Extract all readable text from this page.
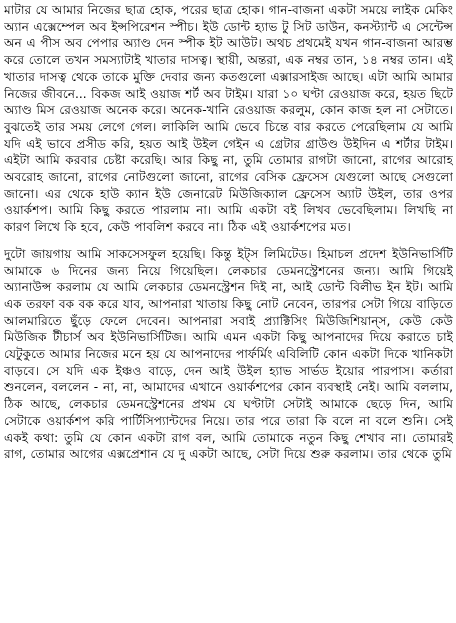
মাটার যে আমার নিজের ছাত্র হোক, পরের ছাত্র হোক। গান-বাজনা একটা সময়ে লাইক মেকিং অ্যান এক্সেম্পেল অব ইন্সপিরেশন স্পীচ। ইউ ডোন্ট হ্যাভ টু সিট ডাউন, কনস্ট্যান্ট এ সেন্টেন্স অন এ পীস অব পেপার অ্যাণ্ড দেন স্পীক ইট আউট। অথচ প্রথমেই যখন গান-বাজনা আরম্ভ করে তোলে তখন সমস্যাটাই খাতার দাসত্ব। স্থায়ী, অন্তরা, এক নম্বর তান, ১৪ নম্বর তান। এই খাতার দাসত্ব থেকে তাকে মুক্তি দেবার জন্য কতগুলো এক্সারসাইজ আছে। এটা আমি আমার নিজের জীবনে... বিকজ আই ওয়াজ শর্ট অব টাইম। যারা ১০ ঘণ্টা রেওয়াজ করে, হয়ত ছিটে অ্যাণ্ড মিস রেওয়াজ অনেক করে। অনেক-খানি রেওয়াজ করলুম, কোন কাজ হল না সেটাতে। বুঝতেই তার সময় লেগে গেল। লাকিলি আমি ভেবে চিন্তে বার করতে পেরেছিলাম যে আমি যদি এই ভাবে প্রসীড করি, হয়ত আই উইল গেইন এ গ্রেটার গ্রাউণ্ড উইদিন এ শর্টার টাইম। এইটা আমি করবার চেষ্টা করেছি। আর কিছু না, তুমি তোমার রাগটা জানো, রাগের আরোহ অবরোহ জানো, রাগের নোটগুলো জানো, রাগের বেসিক ফ্রেসেস যেগুলো আছে সেগুলো জানো। এর থেকে হাউ ক্যান ইউ জেনারেট মিউজিক্যাল ফ্রেসেস অ্যাট উইল, তার ওপর ওয়ার্কশপ। আমি কিছু করতে পারলাম না। আমি একটা বই লিখব ভেবেছিলাম। লিখছি না কারণ লিখে কি হবে, কেউ পাবলিশ করবে না। ঠিক এই ওয়ার্কশপের মত।

দুটো জায়গায় আমি সাকসেসফুল হয়েছি। কিন্তু ইট্স লিমিটেড। হিমাচল প্রদেশ ইউনিভার্সিটি আমাকে ৬ দিনের জন্য নিয়ে গিয়েছিল। লেকচার ডেমনস্ট্রেশনের জন্য। আমি গিয়েই অ্যানাউন্স করলাম যে আমি লেকচার ডেমনস্ট্রেশন দিই না, আই ডোন্ট বিলীভ ইন ইট। আমি এক তরফা বক বক করে যাব, আপনারা খাতায় কিছু নোট নেবেন, তারপর সেটা গিয়ে বাড়িতে আলমারিতে ছুঁড়ে ফেলে দেবেন। আপনারা সবাই প্র্যাক্টিসিং মিউজিশিয়ান্‌স, কেউ কেউ মিউজিক টীচার্স অব ইউনিভার্সিটিজ। আমি এমন একটা কিছু আপনাদের দিয়ে করাতে চাই যেটুকুতে আমার নিজের মনে হয় যে আপনাদের পার্ফর্মিং এবিলিটি কোন একটা দিকে খানিকটা বাড়বে। সে যদি এক ইঞ্চও বাড়ে, দেন আই উইল হ্যাভ সার্ভড ইয়োর পারপাস। কর্তারা শুনলেন, বললেন - না, না, আমাদের এখানে ওয়ার্কশপের কোন ব্যবস্থাই নেই। আমি বললাম, ঠিক আছে, লেকচার ডেমনস্ট্রেশনের প্রথম যে ঘণ্টাটা সেটাই আমাকে ছেড়ে দিন, আমি সেটাকে ওয়ার্কশপ করি পার্টিসিপ্যান্টদের নিয়ে। তার পরে তারা কি বলে না বলে শুনি। সেই একই কথা: তুমি যে কোন একটা রাগ বল, আমি তোমাকে নতুন কিছু শেখাব না। তোমারই রাগ, তোমার আগের এক্সপ্রেশান যে দু একটা আছে, সেটা দিয়ে শুরু করলাম। তার থেকে তুমি
